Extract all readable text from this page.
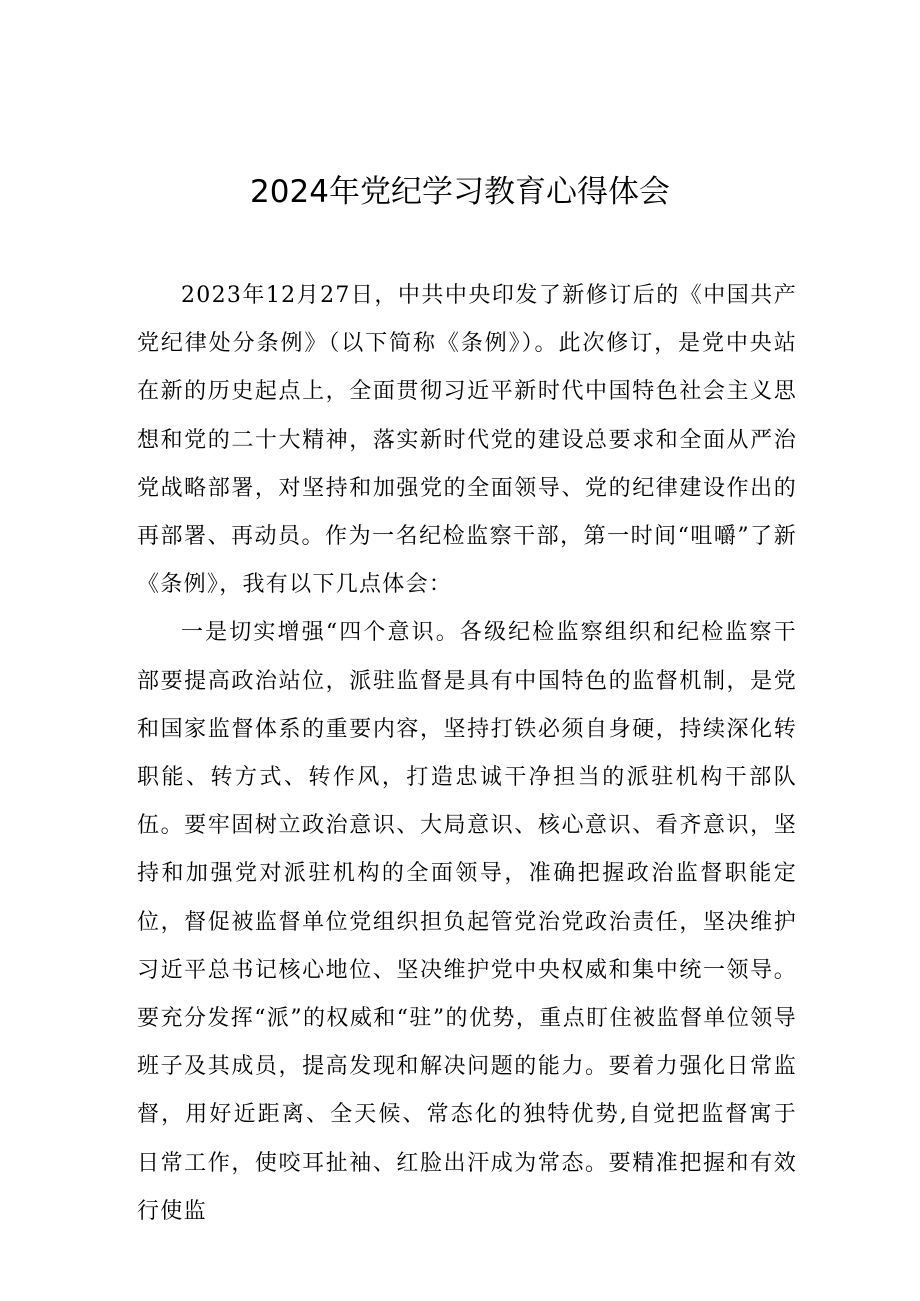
2024年党纪学习教育心得体会

2023年12月27日，中共中央印发了新修订后的《中国共产党纪律处分条例》（以下简称《条例》）。此次修订，是党中央站在新的历史起点上，全面贯彻习近平新时代中国特色社会主义思想和党的二十大精神，落实新时代党的建设总要求和全面从严治党战略部署，对坚持和加强党的全面领导、党的纪律建设作出的再部署、再动员。作为一名纪检监察干部，第一时间“咀嚼”了新《条例》，我有以下几点体会：

一是切实增强“四个意识。各级纪检监察组织和纪检监察干部要提高政治站位，派驻监督是具有中国特色的监督机制，是党和国家监督体系的重要内容，坚持打铁必须自身硬，持续深化转职能、转方式、转作风，打造忠诚干净担当的派驻机构干部队伍。要牢固树立政治意识、大局意识、核心意识、看齐意识，坚持和加强党对派驻机构的全面领导，准确把握政治监督职能定位，督促被监督单位党组织担负起管党治党政治责任，坚决维护习近平总书记核心地位、坚决维护党中央权威和集中统一领导。要充分发挥“派”的权威和“驻”的优势，重点盯住被监督单位领导班子及其成员，提高发现和解决问题的能力。要着力强化日常监督，用好近距离、全天候、常态化的独特优势,自觉把监督寓于日常工作，使咬耳扯袖、红脸出汗成为常态。要精准把握和有效行使监
